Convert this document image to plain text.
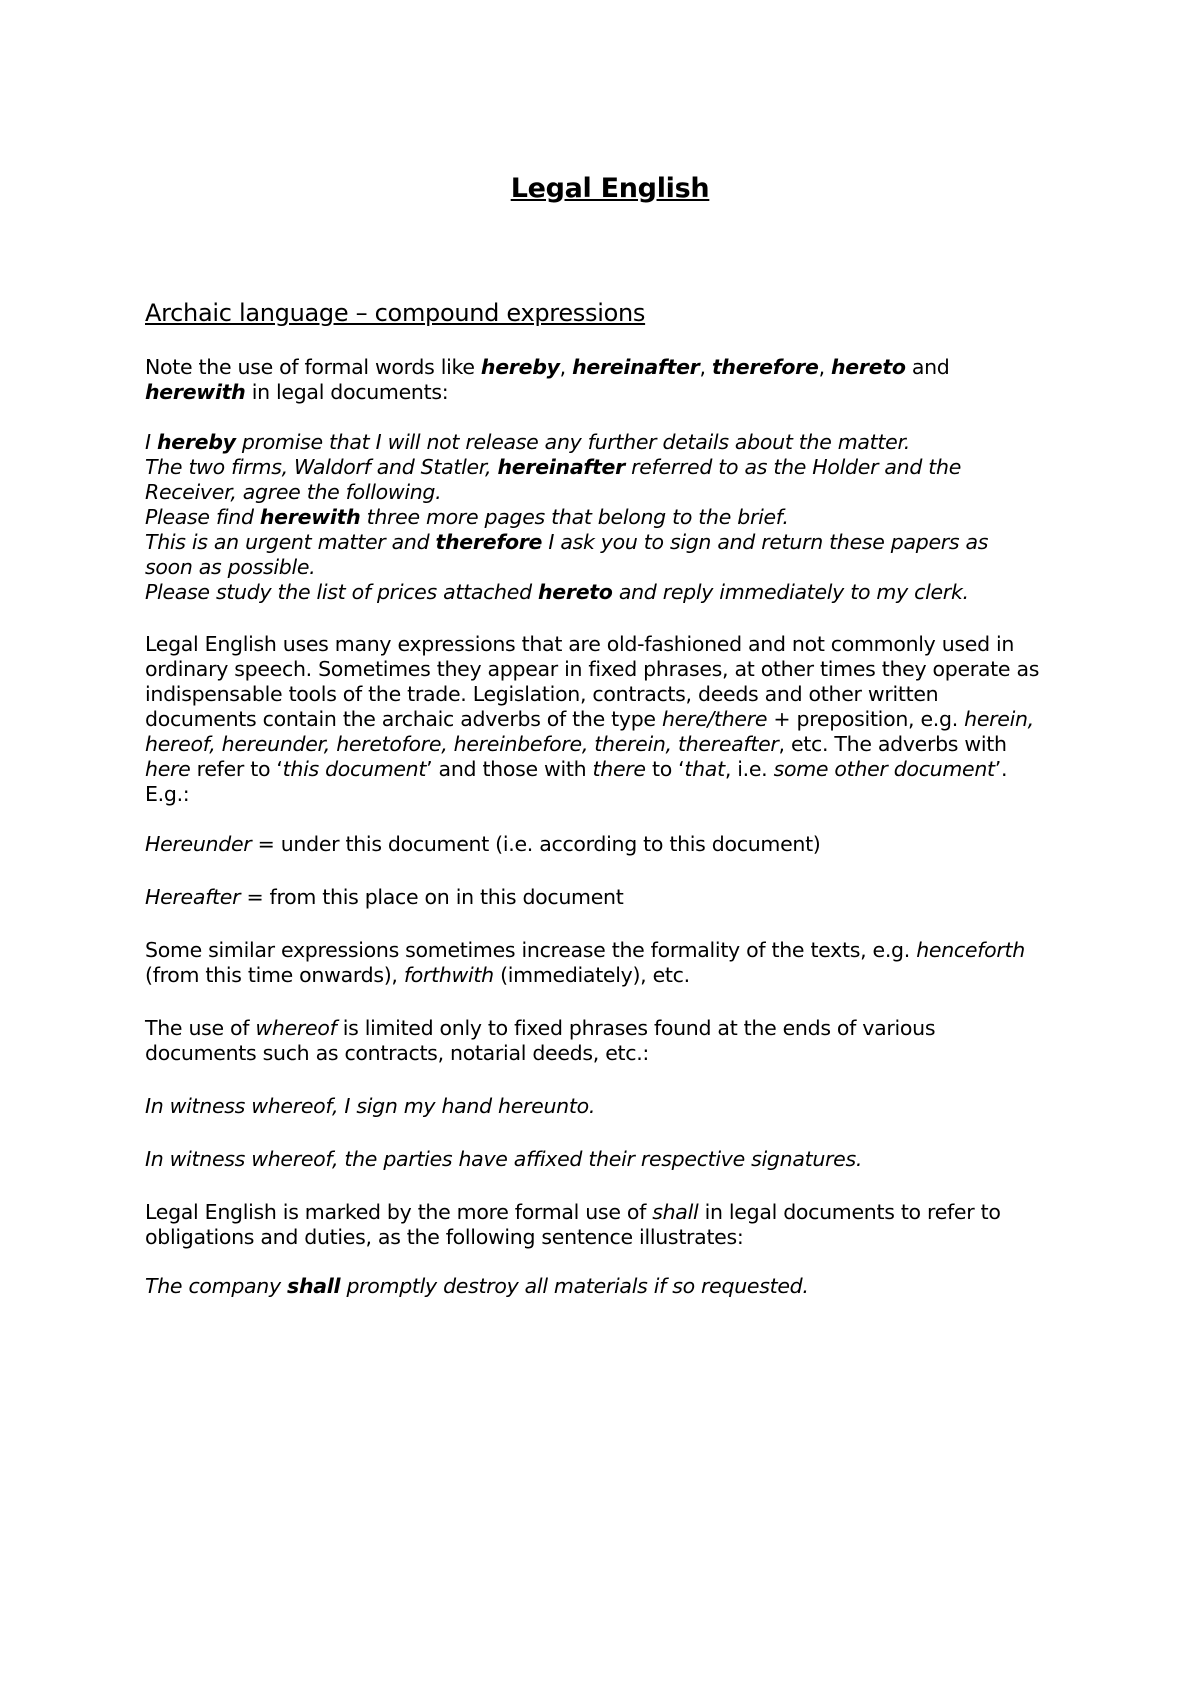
Legal English
Archaic language – compound expressions
Note the use of formal words like hereby, hereinafter, therefore, hereto and
herewith in legal documents:
I hereby promise that I will not release any further details about the matter.
The two firms, Waldorf and Statler, hereinafter referred to as the Holder and the
Receiver, agree the following.
Please find herewith three more pages that belong to the brief.
This is an urgent matter and therefore I ask you to sign and return these papers as
soon as possible.
Please study the list of prices attached hereto and reply immediately to my clerk.
Legal English uses many expressions that are old-fashioned and not commonly used in
ordinary speech. Sometimes they appear in fixed phrases, at other times they operate as
indispensable tools of the trade. Legislation, contracts, deeds and other written
documents contain the archaic adverbs of the type here/there + preposition, e.g. herein,
hereof, hereunder, heretofore, hereinbefore, therein, thereafter, etc. The adverbs with
here refer to ‘this document’ and those with there to ‘that, i.e. some other document’.
E.g.:
Hereunder = under this document (i.e. according to this document)
Hereafter = from this place on in this document
Some similar expressions sometimes increase the formality of the texts, e.g. henceforth
(from this time onwards), forthwith (immediately), etc.
The use of whereof is limited only to fixed phrases found at the ends of various
documents such as contracts, notarial deeds, etc.:
In witness whereof, I sign my hand hereunto.
In witness whereof, the parties have affixed their respective signatures.
Legal English is marked by the more formal use of shall in legal documents to refer to
obligations and duties, as the following sentence illustrates:
The company shall promptly destroy all materials if so requested.
